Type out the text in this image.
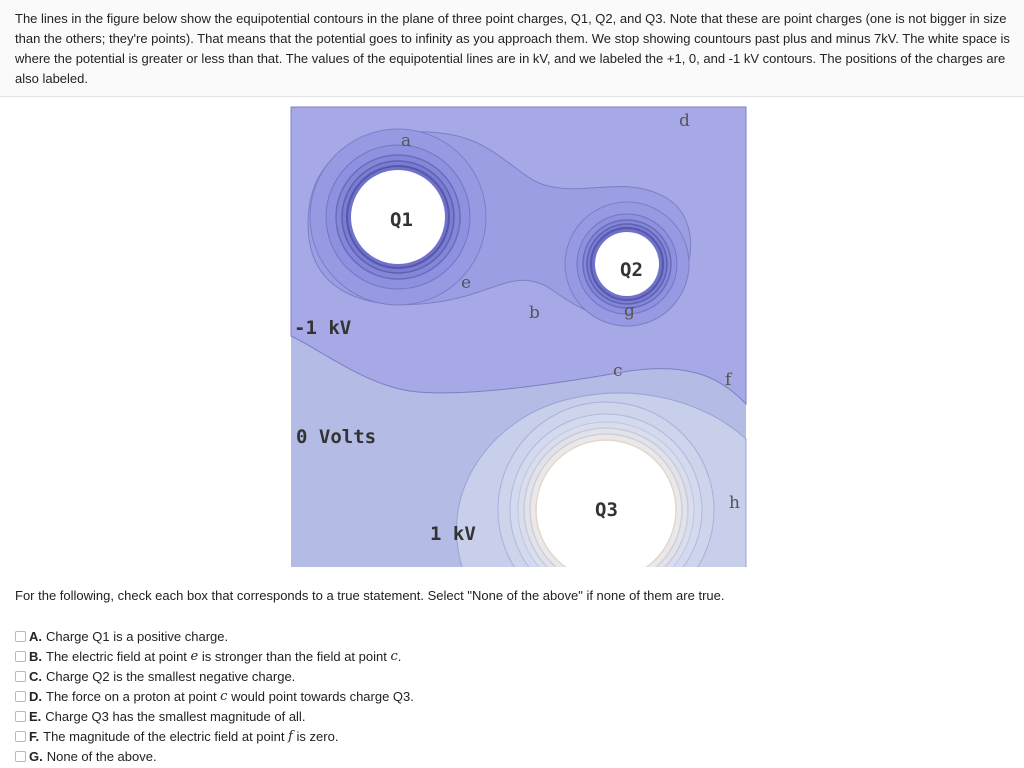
The lines in the figure below show the equipotential contours in the plane of three point charges, Q1, Q2, and Q3. Note that these are point charges (one is not bigger in size than the others; they're points). That means that the potential goes to infinity as you approach them. We stop showing countours past plus and minus 7kV. The white space is where the potential is greater or less than that. The values of the equipotential lines are in kV, and we labeled the +1, 0, and -1 kV contours. The positions of the charges are also labeled.

Q1
Q2
Q3
-1 kV
0 Volts
1 kV
a
b
c
d
e
f
g
h

For the following, check each box that corresponds to a true statement. Select "None of the above" if none of them are true.

A. Charge Q1 is a positive charge.
B. The electric field at point e is stronger than the field at point c .
C. Charge Q2 is the smallest negative charge.
D. The force on a proton at point c would point towards charge Q3.
E. Charge Q3 has the smallest magnitude of all.
F. The magnitude of the electric field at point f is zero.
G. None of the above.
